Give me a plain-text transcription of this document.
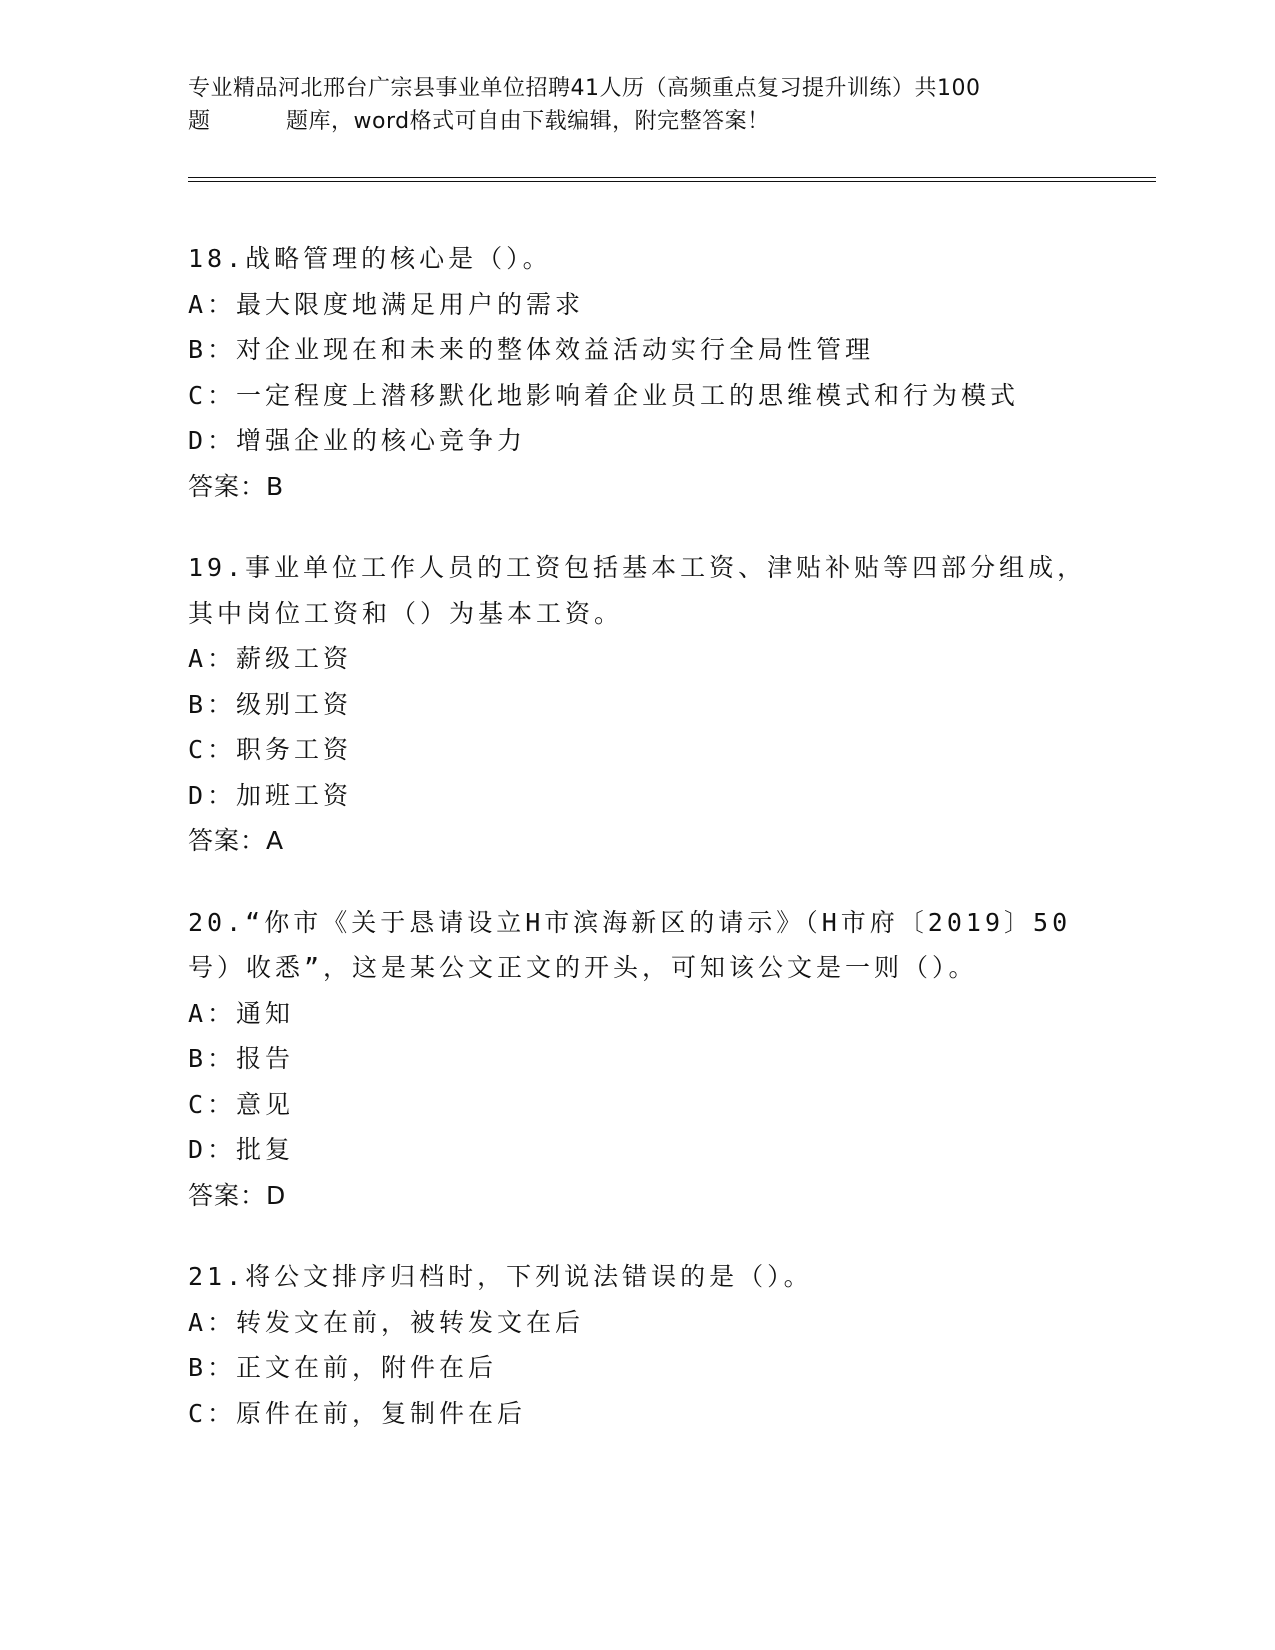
专业精品河北邢台广宗县事业单位招聘41人历（高频重点复习提升训练）共100
题	题库，word格式可自由下载编辑，附完整答案！
18.战略管理的核心是（）。
A：最大限度地满足用户的需求
B：对企业现在和未来的整体效益活动实行全局性管理
C：一定程度上潜移默化地影响着企业员工的思维模式和行为模式
D：增强企业的核心竞争力
答案：B
19.事业单位工作人员的工资包括基本工资、津贴补贴等四部分组成，
其中岗位工资和（）为基本工资。
A：薪级工资
B：级别工资
C：职务工资
D：加班工资
答案：A
20.“你市《关于恳请设立H市滨海新区的请示》（H市府〔2019〕50
号）收悉”，这是某公文正文的开头，可知该公文是一则（）。
A：通知
B：报告
C：意见
D：批复
答案：D
21.将公文排序归档时，下列说法错误的是（）。
A：转发文在前，被转发文在后
B：正文在前，附件在后
C：原件在前，复制件在后
